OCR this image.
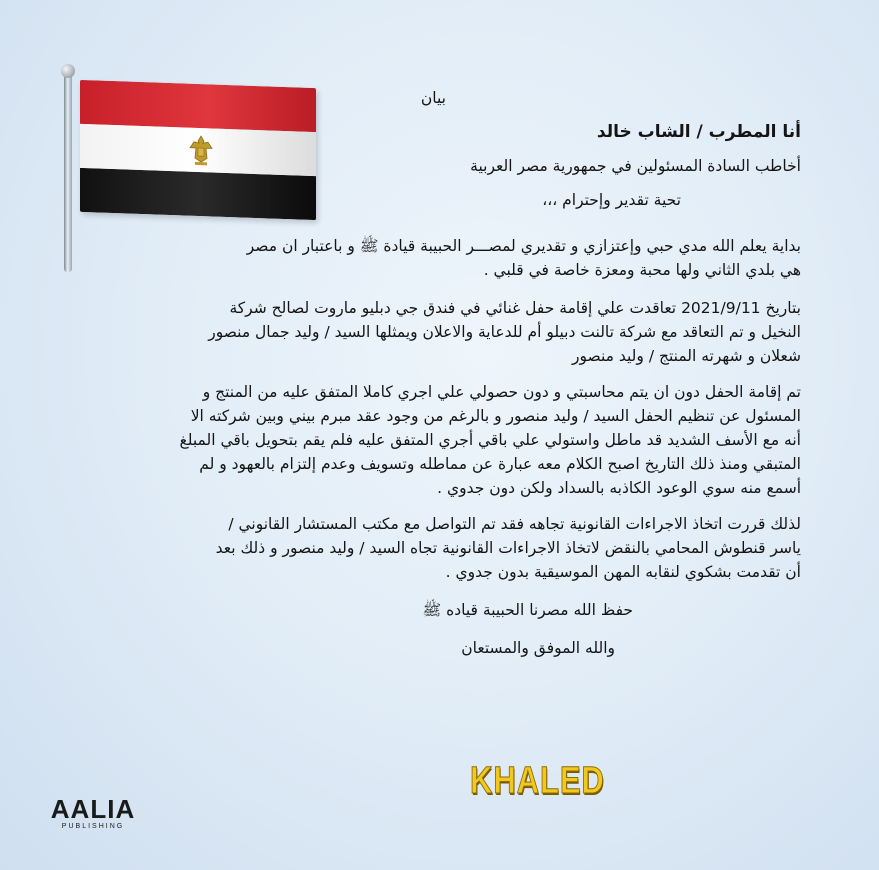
بيان

أنا المطرب / الشاب خالد

أخاطب السادة المسئولين في جمهورية مصر العربية

تحية تقدير وإحترام ،،،

بداية يعلم الله مدي حبي وإعتزازي و تقديري لمصـــر الحبيبة قيادة ﷺ و باعتبار ان مصر

هي بلدي الثاني ولها محبة ومعزة خاصة في قلبي .

بتاريخ 2021/9/11 تعاقدت علي إقامة حفل غنائي في فندق جي دبليو ماروت لصالح شركة

النخيل و تم التعاقد مع شركة تالنت دبيلو أم للدعاية والاعلان ويمثلها السيد / وليد جمال منصور

شعلان و شهرته المنتج / وليد منصور

تم إقامة الحفل دون ان يتم محاسبتي و دون حصولي علي اجري كاملا المتفق عليه من المنتج و

المسئول عن تنظيم الحفل السيد / وليد منصور و بالرغم من وجود عقد مبرم بيني وبين شركته الا

أنه مع الأسف الشديد قد ماطل واستولي علي باقي أجري المتفق عليه فلم يقم بتحويل باقي المبلغ

المتبقي ومنذ ذلك التاريخ اصبح الكلام معه عبارة عن مماطله وتسويف وعدم إلتزام بالعهود و لم

أسمع منه سوي الوعود الكاذبه بالسداد ولكن دون جدوي .

لذلك قررت اتخاذ الاجراءات القانونية تجاهه فقد تم التواصل مع مكتب المستشار القانوني /

ياسر قنطوش المحامي بالنقض لاتخاذ الاجراءات القانونية تجاه السيد / وليد منصور و ذلك بعد

أن تقدمت بشكوي لنقابه المهن الموسيقية بدون جدوي .

حفظ الله مصرنا الحبيبة قياده ﷺ

والله الموفق والمستعان

KHALED
AALIA
PUBLISHING
